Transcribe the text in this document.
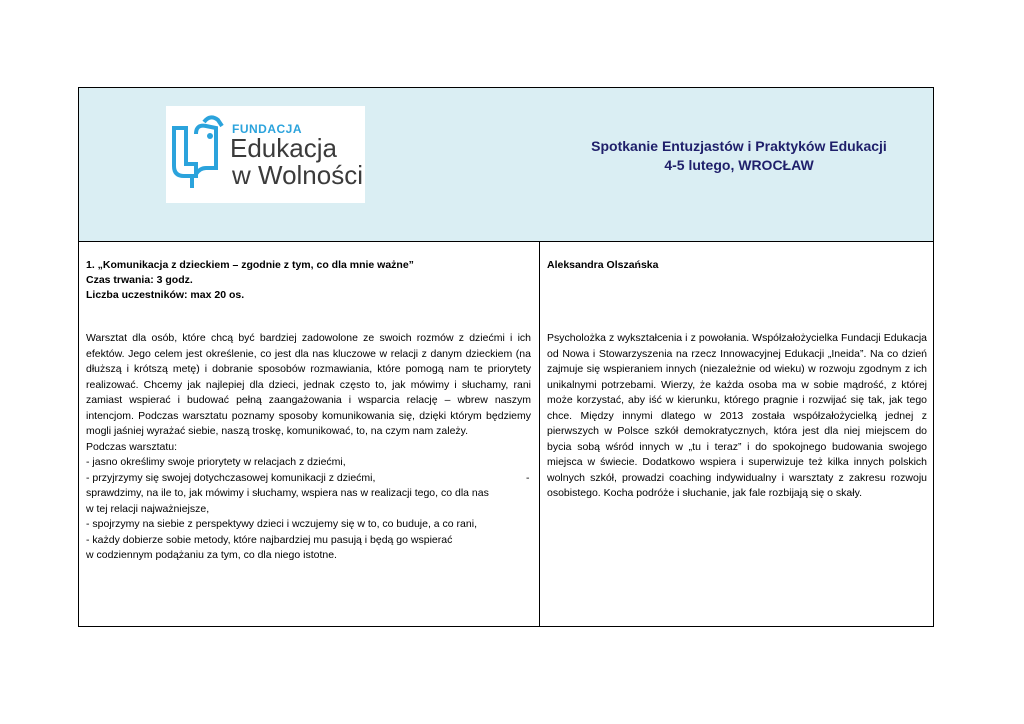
FUNDACJA
Edukacja
w Wolności
Spotkanie Entuzjastów i Praktyków Edukacji
4-5 lutego, WROCŁAW
1. „Komunikacja z dzieckiem – zgodnie z tym, co dla mnie ważne”
Czas trwania: 3 godz.
Liczba uczestników: max 20 os.
Warsztat dla osób, które chcą być bardziej zadowolone ze swoich rozmów z dziećmi i ich efektów. Jego celem jest określenie, co jest dla nas kluczowe w relacji z danym dzieckiem (na dłuższą i krótszą metę) i dobranie sposobów rozmawiania, które pomogą nam te priorytety realizować. Chcemy jak najlepiej dla dzieci, jednak często to, jak mówimy i słuchamy, rani zamiast wspierać i budować pełną zaangażowania i wsparcia relację – wbrew naszym intencjom. Podczas warsztatu poznamy sposoby komunikowania się, dzięki którym będziemy mogli jaśniej wyrażać siebie, naszą troskę, komunikować, to, na czym nam zależy.
Podczas warsztatu:
- jasno określimy swoje priorytety w relacjach z dziećmi,
- przyjrzymy się swojej dotychczasowej komunikacji z dziećmi,	-
sprawdzimy, na ile to, jak mówimy i słuchamy, wspiera nas w realizacji tego, co dla nas
w tej relacji najważniejsze,
- spojrzymy na siebie z perspektywy dzieci i wczujemy się w to, co buduje, a co rani,
- każdy dobierze sobie metody, które najbardziej mu pasują i będą go wspierać
w codziennym podążaniu za tym, co dla niego istotne.
Aleksandra Olszańska
Psycholożka z wykształcenia i z powołania. Współzałożycielka Fundacji Edukacja od Nowa i Stowarzyszenia na rzecz Innowacyjnej Edukacji „Ineida”. Na co dzień zajmuje się wspieraniem innych (niezależnie od wieku) w rozwoju zgodnym z ich unikalnymi potrzebami. Wierzy, że każda osoba ma w sobie mądrość, z której może korzystać, aby iść w kierunku, którego pragnie i rozwijać się tak, jak tego chce. Między innymi dlatego w 2013 została współzałożycielką jednej z pierwszych w Polsce szkół demokratycznych, która jest dla niej miejscem do bycia sobą wśród innych w „tu i teraz” i do spokojnego budowania swojego miejsca w świecie. Dodatkowo wspiera i superwizuje też kilka innych polskich wolnych szkół, prowadzi coaching indywidualny i warsztaty z zakresu rozwoju osobistego. Kocha podróże i słuchanie, jak fale rozbijają się o skały.
